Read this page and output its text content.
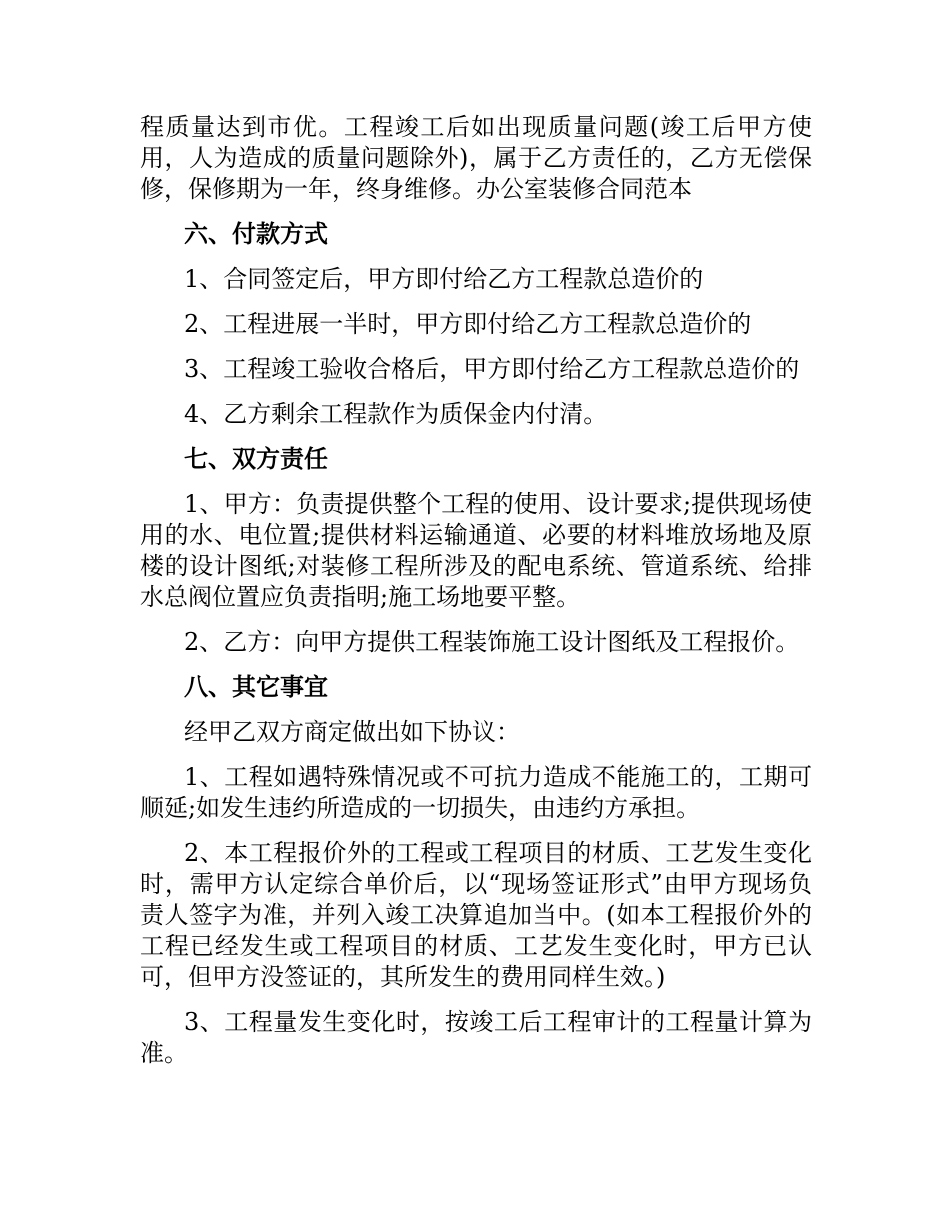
程质量达到市优。工程竣工后如出现质量问题(竣工后甲方使用，人为造成的质量问题除外)，属于乙方责任的，乙方无偿保修，保修期为一年，终身维修。办公室装修合同范本

六、付款方式

1、合同签定后，甲方即付给乙方工程款总造价的

2、工程进展一半时，甲方即付给乙方工程款总造价的

3、工程竣工验收合格后，甲方即付给乙方工程款总造价的

4、乙方剩余工程款作为质保金内付清。

七、双方责任

1、甲方：负责提供整个工程的使用、设计要求;提供现场使用的水、电位置;提供材料运输通道、必要的材料堆放场地及原楼的设计图纸;对装修工程所涉及的配电系统、管道系统、给排水总阀位置应负责指明;施工场地要平整。

2、乙方：向甲方提供工程装饰施工设计图纸及工程报价。

八、其它事宜

经甲乙双方商定做出如下协议：

1、工程如遇特殊情况或不可抗力造成不能施工的，工期可顺延;如发生违约所造成的一切损失，由违约方承担。

2、本工程报价外的工程或工程项目的材质、工艺发生变化时，需甲方认定综合单价后，以“现场签证形式”由甲方现场负责人签字为准，并列入竣工决算追加当中。(如本工程报价外的工程已经发生或工程项目的材质、工艺发生变化时，甲方已认可，但甲方没签证的，其所发生的费用同样生效。)

3、工程量发生变化时，按竣工后工程审计的工程量计算为准。
